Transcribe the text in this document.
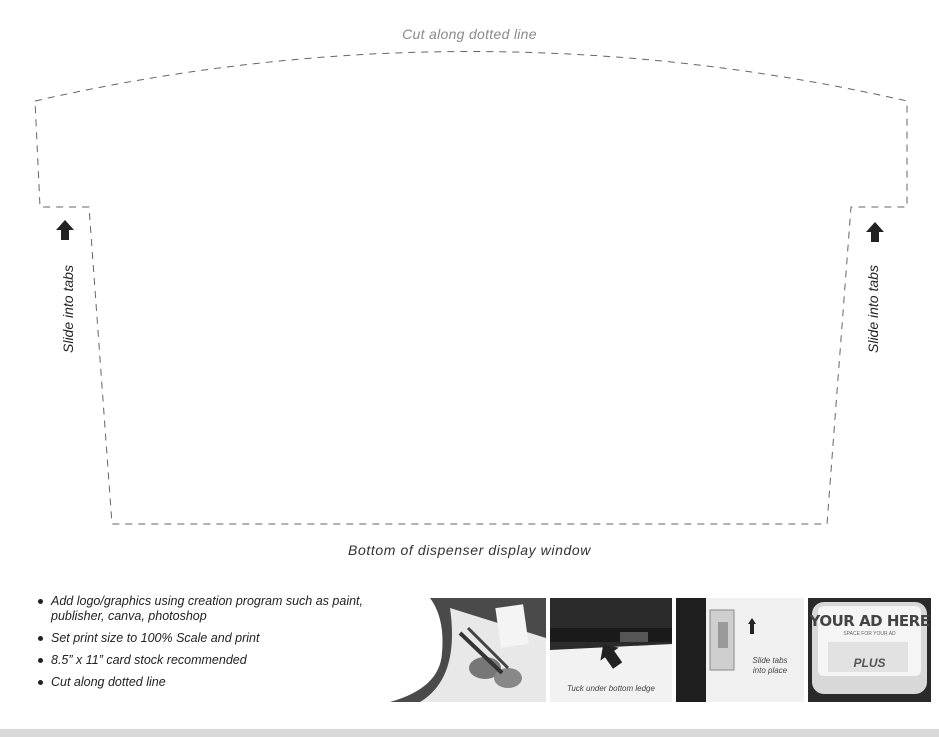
Cut along dotted line
Bottom of dispenser display window
Slide into tabs	Slide into tabs
Add logo/graphics using creation program such as paint, publisher, canva, photoshop
Set print size to 100% Scale and print
8.5” x 11” card stock recommended
Cut along dotted line	Tuck under bottom ledge
Slide tabs
into place
YOUR AD HERE
SPACE FOR YOUR AD
PLUS
